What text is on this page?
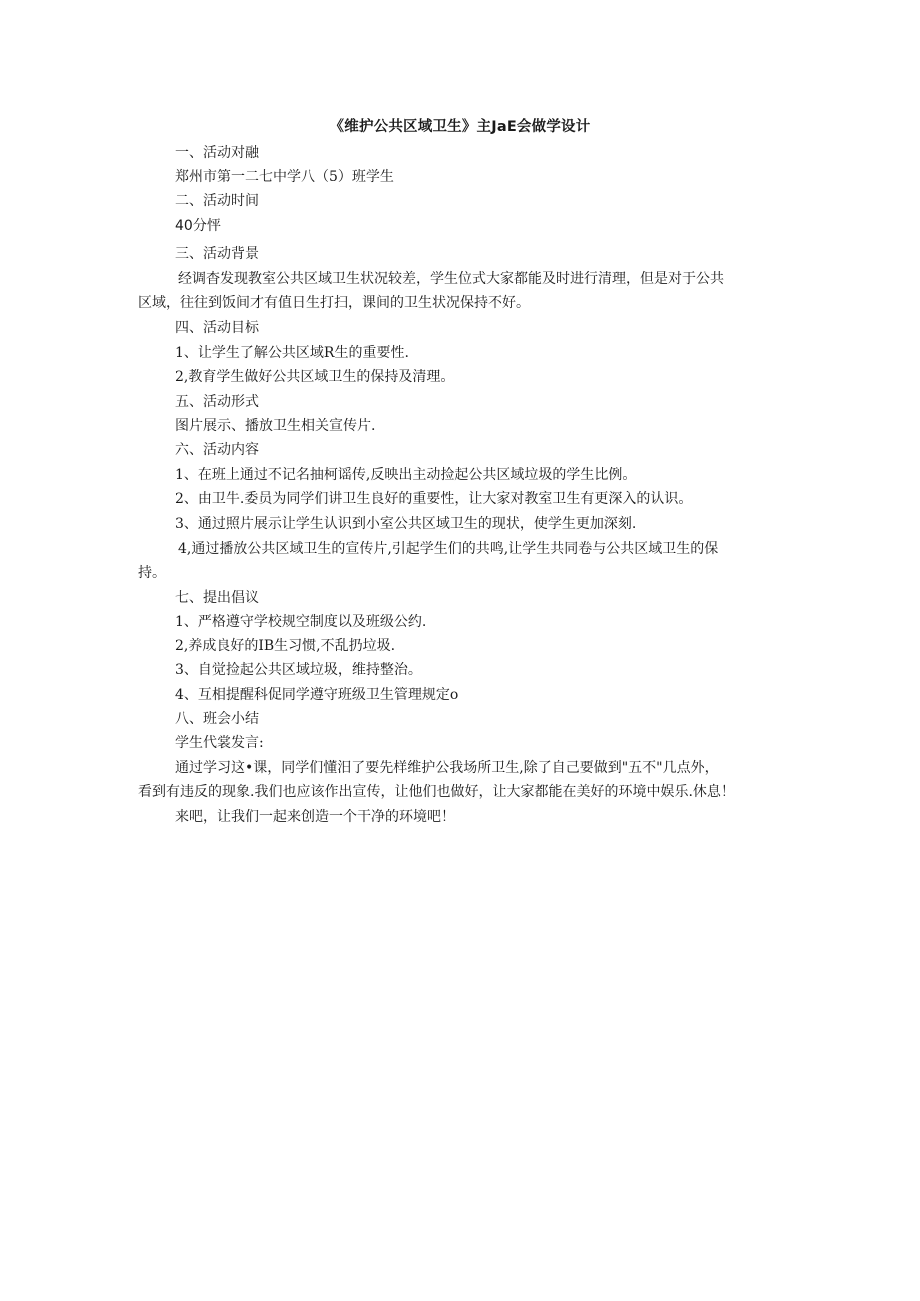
《维护公共区域卫生》主JaE会做学设计
一、活动对融
郑州市第一二七中学八（5）班学生
二、活动时间
40分怦
三、活动背景
经调杳发现教室公共区域卫生状况较差，学生位式大家都能及时进行清理，但是对于公共
区域，往往到饭间才有值日生打扫，课间的卫生状况保持不好。
四、活动目标
1、让学生了解公共区域R生的重要性.
2,教育学生做好公共区域卫生的保持及清理。
五、活动形式
图片展示、播放卫生相关宣传片.
六、活动内容
1、在班上通过不记名抽柯谣传,反映出主动捡起公共区域垃圾的学生比例。
2、由卫牛.委员为同学们讲卫生良好的重要性，让大家对教室卫生有更深入的认识。
3、通过照片展示让学生认识到小室公共区域卫生的现状，使学生更加深刻.
4,通过播放公共区域卫生的宣传片,引起学生们的共鸣,让学生共同卷与公共区域卫生的保
持。
七、提出倡议
1、严格遵守学校规空制度以及班级公约.
2,养成良好的IB生习惯,不乱扔垃圾.
3、自觉捡起公共区域垃圾，维持整治。
4、互相提醒科促同学遵守班级卫生管理规定o
八、班会小结
学生代裳发言:
通过学习这•课，同学们懂汨了要先样维护公我场所卫生,除了自己要做到"五不"几点外，
看到有违反的现象.我们也应该作出宣传，让他们也做好，让大家都能在美好的环境中娱乐.休息！
来吧，让我们一起来创造一个干净的环境吧！
